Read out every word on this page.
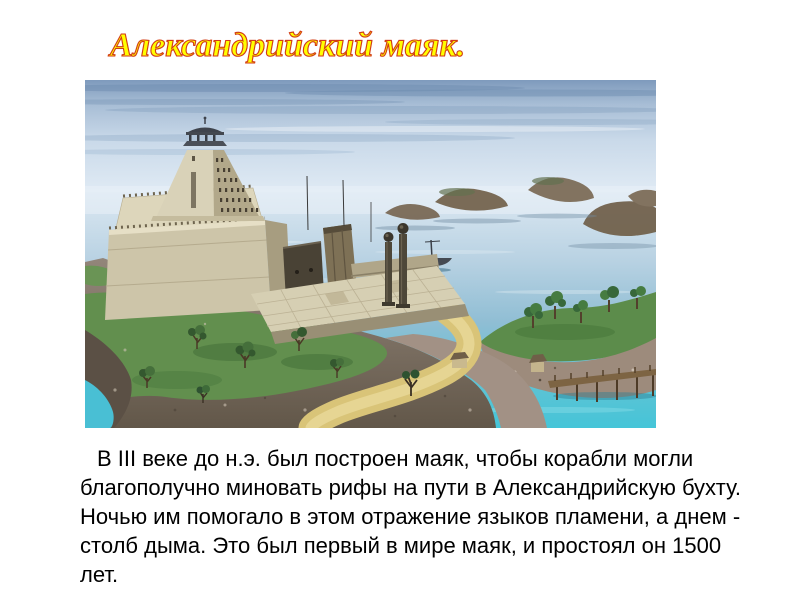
Александрийский маяк.

В III веке до н.э. был построен маяк, чтобы корабли могли благополучно миновать рифы на пути в Александрийскую бухту. Ночью им помогало в этом отражение языков пламени, а днем - столб дыма. Это был первый в мире маяк, и простоял он 1500 лет.
